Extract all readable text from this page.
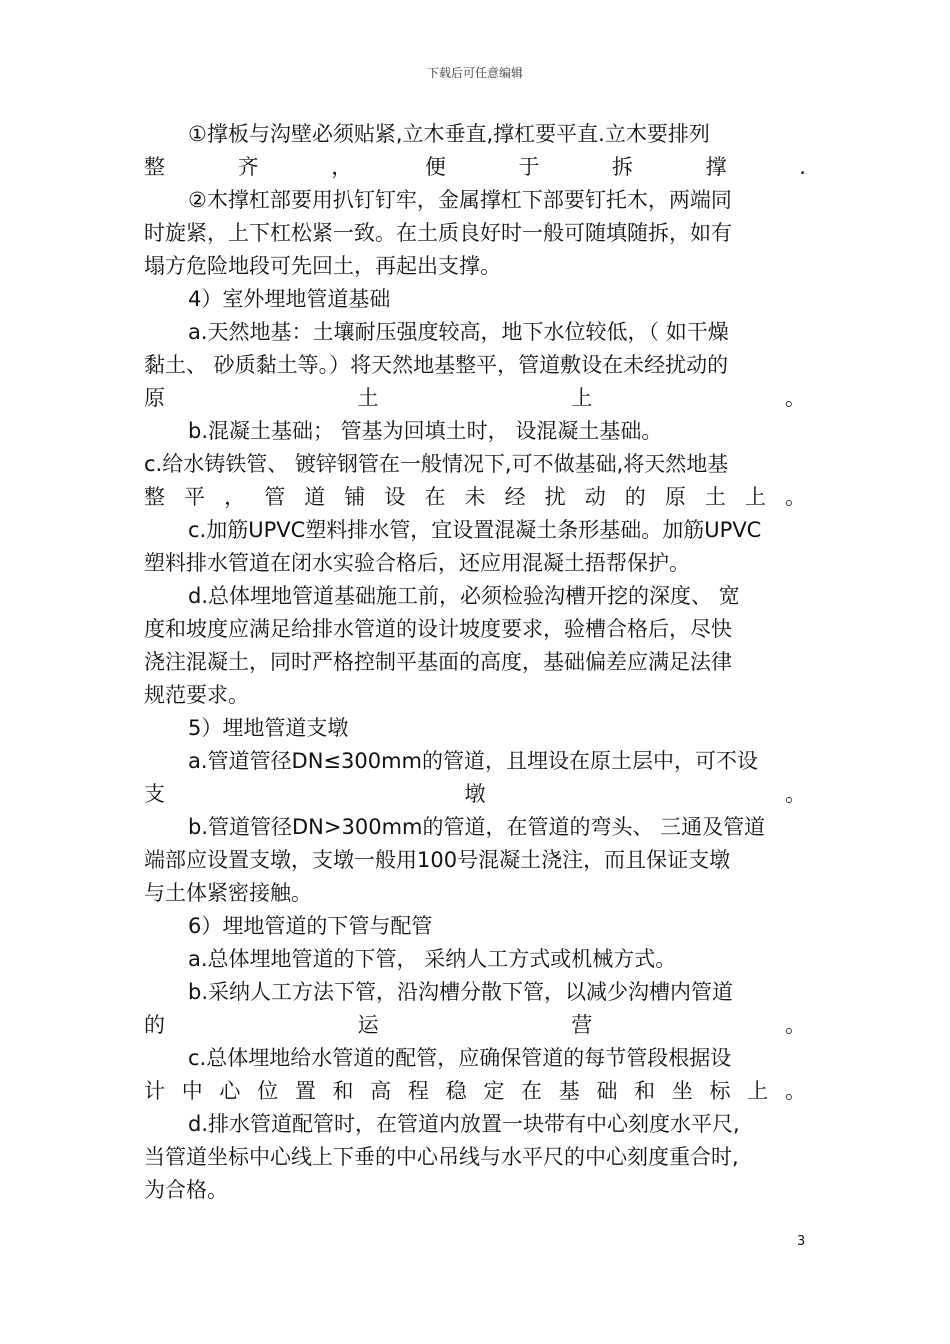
下载后可任意编辑
①撑板与沟壁必须贴紧,立木垂直,撑杠要平直.立木要排列
整	齐	，	便	于	拆	撑	.
②木撑杠部要用扒钉钉牢，金属撑杠下部要钉托木，两端同
时旋紧，上下杠松紧一致。在土质良好时一般可随填随拆，如有
塌方危险地段可先回土，再起出支撑。
4）室外埋地管道基础
a.天然地基：土壤耐压强度较高，地下水位较低，（ 如干燥
黏土、 砂质黏土等。）将天然地基整平，管道敷设在未经扰动的
原	土	上	。
b.混凝土基础； 管基为回填土时， 设混凝土基础。
c.给水铸铁管、 镀锌钢管在一般情况下,可不做基础,将天然地基
整 平 ， 管 道 铺 设 在 未 经 扰 动 的 原 土 上 。
c.加筋UPVC塑料排水管，宜设置混凝土条形基础。加筋UPVC
塑料排水管道在闭水实验合格后，还应用混凝土捂帮保护。
d.总体埋地管道基础施工前，必须检验沟槽开挖的深度、 宽
度和坡度应满足给排水管道的设计坡度要求，验槽合格后，尽快
浇注混凝土，同时严格控制平基面的高度，基础偏差应满足法律
规范要求。
5）埋地管道支墩
a.管道管径DN≤300mm的管道，且埋设在原土层中，可不设
支	墩	。
b.管道管径DN>300mm的管道，在管道的弯头、 三通及管道
端部应设置支墩，支墩一般用100号混凝土浇注，而且保证支墩
与土体紧密接触。
6）埋地管道的下管与配管
a.总体埋地管道的下管， 采纳人工方式或机械方式。
b.采纳人工方法下管，沿沟槽分散下管，以减少沟槽内管道
的	运	营	。
c.总体埋地给水管道的配管，应确保管道的每节管段根据设
计 中 心 位 置 和 高 程 稳 定 在 基 础 和 坐 标 上 。
d.排水管道配管时，在管道内放置一块带有中心刻度水平尺,
当管道坐标中心线上下垂的中心吊线与水平尺的中心刻度重合时,
为合格。
3
